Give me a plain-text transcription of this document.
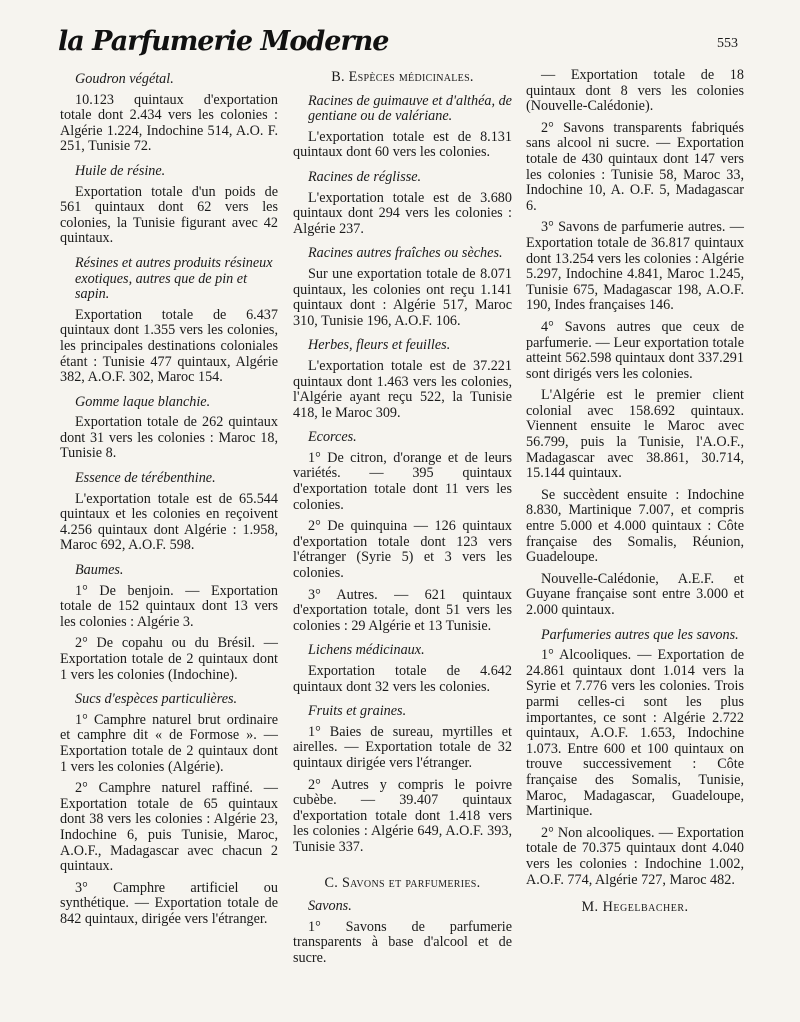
la Parfumerie Moderne	553
Goudron végétal.
10.123 quintaux d'exportation totale dont 2.434 vers les colonies : Algérie 1.224, Indochine 514, A.O. F. 251, Tunisie 72.
Huile de résine.
Exportation totale d'un poids de 561 quintaux dont 62 vers les colonies, la Tunisie figurant avec 42 quintaux.
Résines et autres produits résineux exotiques, autres que de pin et sapin.
Exportation totale de 6.437 quintaux dont 1.355 vers les colonies, les principales destinations coloniales étant : Tunisie 477 quintaux, Algérie 382, A.O.F. 302, Maroc 154.
Gomme laque blanchie.
Exportation totale de 262 quintaux dont 31 vers les colonies : Maroc 18, Tunisie 8.
Essence de térébenthine.
L'exportation totale est de 65.544 quintaux et les colonies en reçoivent 4.256 quintaux dont Algérie : 1.958, Maroc 692, A.O.F. 598.
Baumes.
1° De benjoin. — Exportation totale de 152 quintaux dont 13 vers les colonies : Algérie 3.
2° De copahu ou du Brésil. — Exportation totale de 2 quintaux dont 1 vers les colonies (Indochine).
Sucs d'espèces particulières.
1° Camphre naturel brut ordinaire et camphre dit « de Formose ». — Exportation totale de 2 quintaux dont 1 vers les colonies (Algérie).
2° Camphre naturel raffiné. — Exportation totale de 65 quintaux dont 38 vers les colonies : Algérie 23, Indochine 6, puis Tunisie, Maroc, A.O.F., Madagascar avec chacun 2 quintaux.
3° Camphre artificiel ou synthétique. — Exportation totale de 842 quintaux, dirigée vers l'étranger.
B. Espèces médicinales.
Racines de guimauve et d'althéa, de gentiane ou de valériane.
L'exportation totale est de 8.131 quintaux dont 60 vers les colonies.
Racines de réglisse.
L'exportation totale est de 3.680 quintaux dont 294 vers les colonies : Algérie 237.
Racines autres fraîches ou sèches.
Sur une exportation totale de 8.071 quintaux, les colonies ont reçu 1.141 quintaux dont : Algérie 517, Maroc 310, Tunisie 196, A.O.F. 106.
Herbes, fleurs et feuilles.
L'exportation totale est de 37.221 quintaux dont 1.463 vers les colonies, l'Algérie ayant reçu 522, la Tunisie 418, le Maroc 309.
Ecorces.
1° De citron, d'orange et de leurs variétés. — 395 quintaux d'exportation totale dont 11 vers les colonies.
2° De quinquina — 126 quintaux d'exportation totale dont 123 vers l'étranger (Syrie 5) et 3 vers les colonies.
3° Autres. — 621 quintaux d'exportation totale, dont 51 vers les colonies : 29 Algérie et 13 Tunisie.
Lichens médicinaux.
Exportation totale de 4.642 quintaux dont 32 vers les colonies.
Fruits et graines.
1° Baies de sureau, myrtilles et airelles. — Exportation totale de 32 quintaux dirigée vers l'étranger.
2° Autres y compris le poivre cubèbe. — 39.407 quintaux d'exportation totale dont 1.418 vers les colonies : Algérie 649, A.O.F. 393, Tunisie 337.
C. Savons et parfumeries.
Savons.
1° Savons de parfumerie transparents à base d'alcool et de sucre.
— Exportation totale de 18 quintaux dont 8 vers les colonies (Nouvelle-Calédonie).
2° Savons transparents fabriqués sans alcool ni sucre. — Exportation totale de 430 quintaux dont 147 vers les colonies : Tunisie 58, Maroc 33, Indochine 10, A. O.F. 5, Madagascar 6.
3° Savons de parfumerie autres. — Exportation totale de 36.817 quintaux dont 13.254 vers les colonies : Algérie 5.297, Indochine 4.841, Maroc 1.245, Tunisie 675, Madagascar 198, A.O.F. 190, Indes françaises 146.
4° Savons autres que ceux de parfumerie. — Leur exportation totale atteint 562.598 quintaux dont 337.291 sont dirigés vers les colonies.
L'Algérie est le premier client colonial avec 158.692 quintaux. Viennent ensuite le Maroc avec 56.799, puis la Tunisie, l'A.O.F., Madagascar avec 38.861, 30.714, 15.144 quintaux.
Se succèdent ensuite : Indochine 8.830, Martinique 7.007, et compris entre 5.000 et 4.000 quintaux : Côte française des Somalis, Réunion, Guadeloupe.
Nouvelle-Calédonie, A.E.F. et Guyane française sont entre 3.000 et 2.000 quintaux.
Parfumeries autres que les savons.
1° Alcooliques. — Exportation de 24.861 quintaux dont 1.014 vers la Syrie et 7.776 vers les colonies. Trois parmi celles-ci sont les plus importantes, ce sont : Algérie 2.722 quintaux, A.O.F. 1.653, Indochine 1.073. Entre 600 et 100 quintaux on trouve successivement : Côte française des Somalis, Tunisie, Maroc, Madagascar, Guadeloupe, Martinique.
2° Non alcooliques. — Exportation totale de 70.375 quintaux dont 4.040 vers les colonies : Indochine 1.002, A.O.F. 774, Algérie 727, Maroc 482.
M. Hegelbacher.
